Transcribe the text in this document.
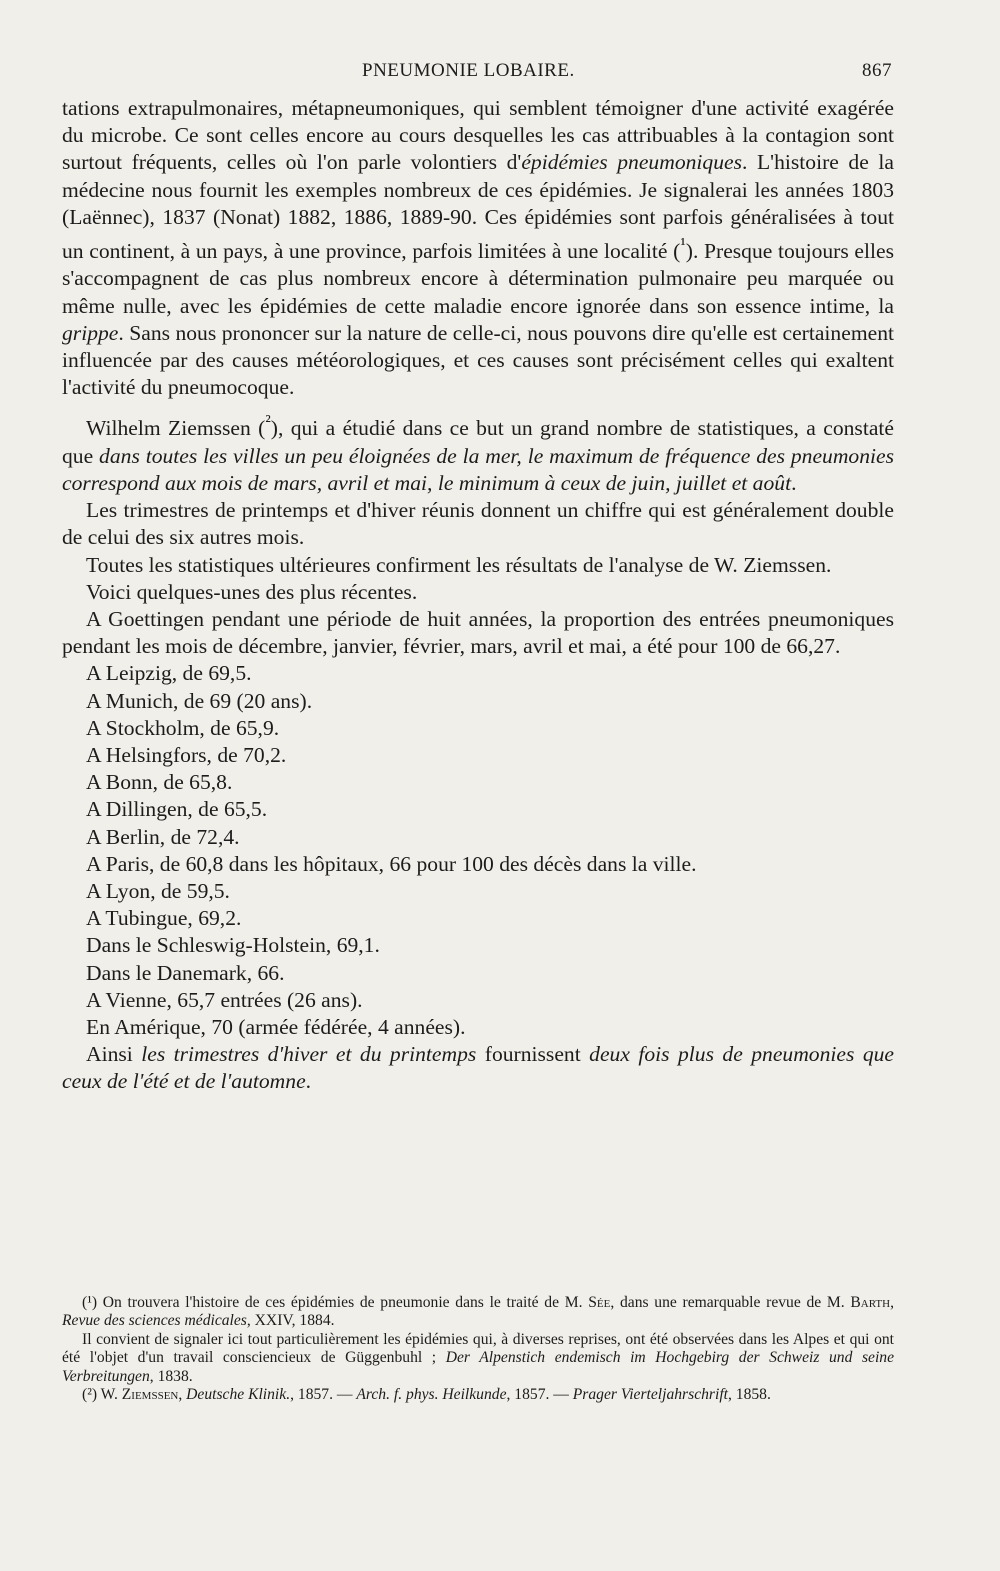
PNEUMONIE LOBAIRE.	867

tations extrapulmonaires, métapneumoniques, qui semblent témoigner d'une activité exagérée du microbe. Ce sont celles encore au cours desquelles les cas attribuables à la contagion sont surtout fréquents, celles où l'on parle volontiers d'épidémies pneumoniques. L'histoire de la médecine nous fournit les exemples nombreux de ces épidémies. Je signalerai les années 1803 (Laënnec), 1837 (Nonat) 1882, 1886, 1889-90. Ces épidémies sont parfois généralisées à tout un continent, à un pays, à une province, parfois limitées à une localité ($^{^1}$). Presque toujours elles s'accompagnent de cas plus nombreux encore à détermination pulmonaire peu marquée ou même nulle, avec les épidémies de cette maladie encore ignorée dans son essence intime, la grippe. Sans nous prononcer sur la nature de celle-ci, nous pouvons dire qu'elle est certainement influencée par des causes météorologiques, et ces causes sont précisément celles qui exaltent l'activité du pneumocoque.

Wilhelm Ziemssen ($^{^2}$), qui a étudié dans ce but un grand nombre de statistiques, a constaté que dans toutes les villes un peu éloignées de la mer, le maximum de fréquence des pneumonies correspond aux mois de mars, avril et mai, le minimum à ceux de juin, juillet et août.

Les trimestres de printemps et d'hiver réunis donnent un chiffre qui est généralement double de celui des six autres mois.

Toutes les statistiques ultérieures confirment les résultats de l'analyse de W. Ziemssen.

Voici quelques-unes des plus récentes.

A Goettingen pendant une période de huit années, la proportion des entrées pneumoniques pendant les mois de décembre, janvier, février, mars, avril et mai, a été pour 100 de 66,27.

A Leipzig, de 69,5.

A Munich, de 69 (20 ans).

A Stockholm, de 65,9.

A Helsingfors, de 70,2.

A Bonn, de 65,8.

A Dillingen, de 65,5.

A Berlin, de 72,4.

A Paris, de 60,8 dans les hôpitaux, 66 pour 100 des décès dans la ville.

A Lyon, de 59,5.

A Tubingue, 69,2.

Dans le Schleswig-Holstein, 69,1.

Dans le Danemark, 66.

A Vienne, 65,7 entrées (26 ans).

En Amérique, 70 (armée fédérée, 4 années).

Ainsi les trimestres d'hiver et du printemps fournissent deux fois plus de pneumonies que ceux de l'été et de l'automne.

(¹) On trouvera l'histoire de ces épidémies de pneumonie dans le traité de M. Sée, dans une remarquable revue de M. Barth, Revue des sciences médicales, XXIV, 1884.

Il convient de signaler ici tout particulièrement les épidémies qui, à diverses reprises, ont été observées dans les Alpes et qui ont été l'objet d'un travail consciencieux de Güggenbuhl ; Der Alpenstich endemisch im Hochgebirg der Schweiz und seine Verbreitungen, 1838.

(²) W. Ziemssen, Deutsche Klinik., 1857. — Arch. f. phys. Heilkunde, 1857. — Prager Vierteljahrschrift, 1858.
